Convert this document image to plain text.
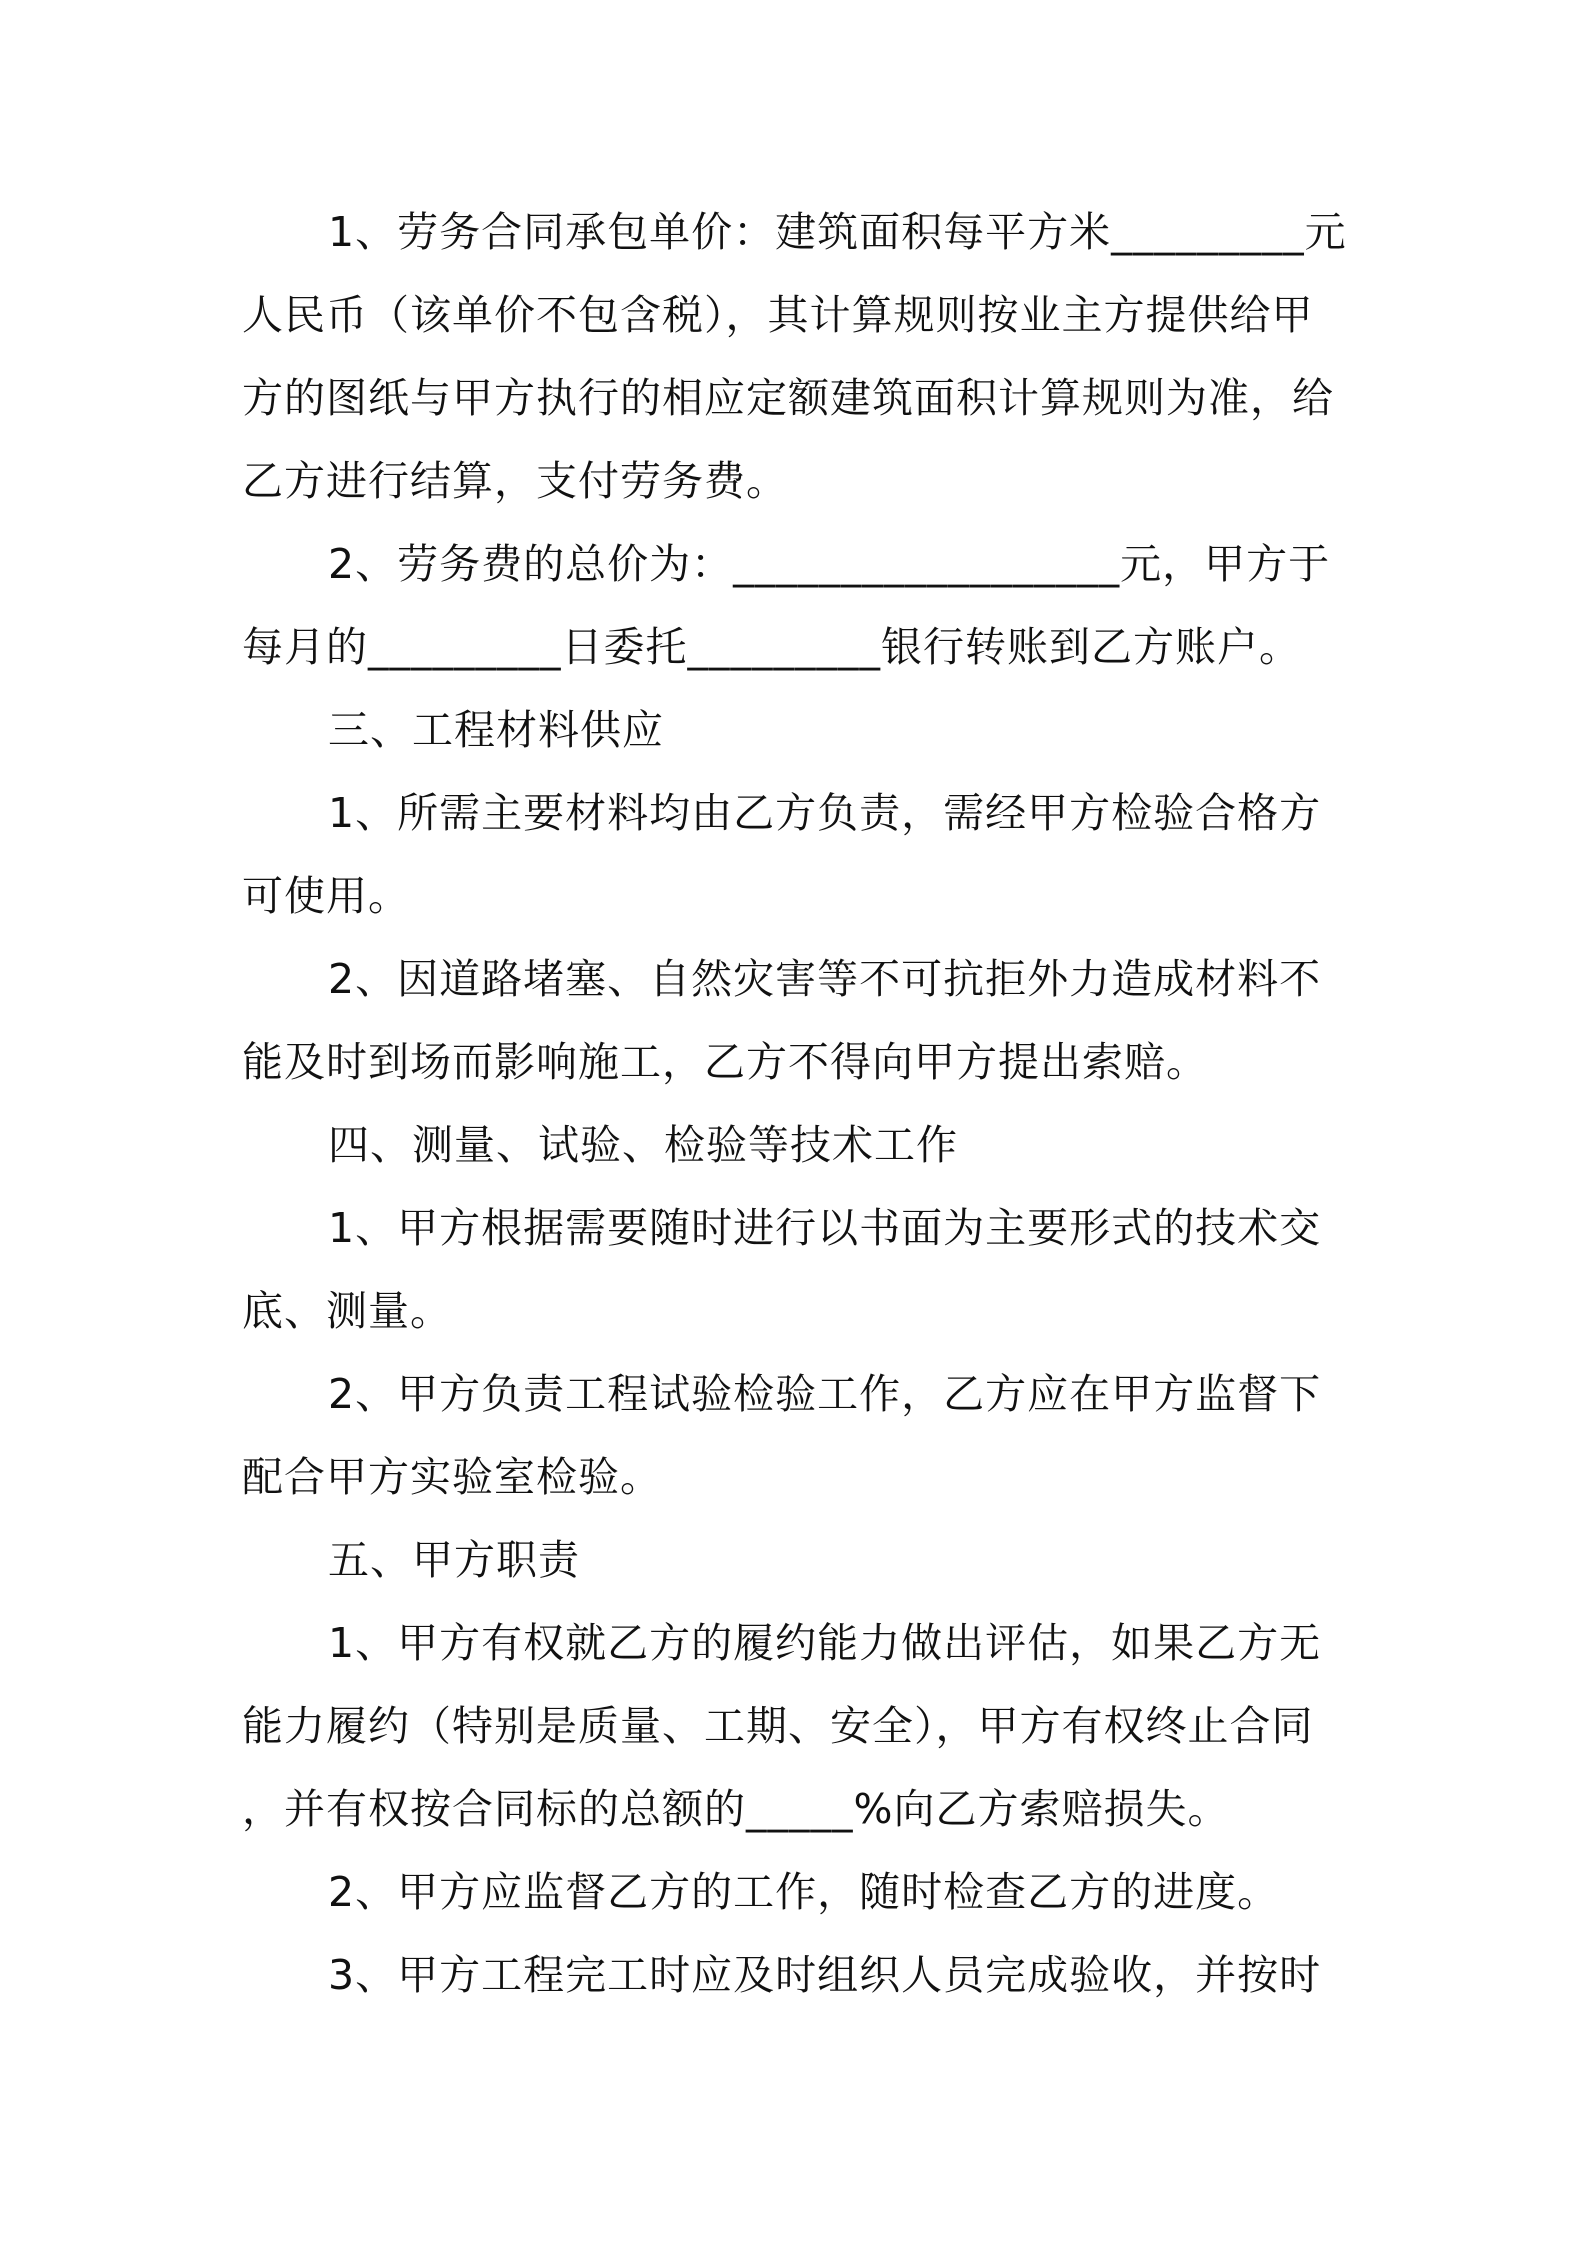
1、劳务合同承包单价：建筑面积每平方米_________元
人民币（该单价不包含税），其计算规则按业主方提供给甲
方的图纸与甲方执行的相应定额建筑面积计算规则为准，给
乙方进行结算，支付劳务费。
2、劳务费的总价为：__________________元，甲方于
每月的_________日委托_________银行转账到乙方账户。
三、工程材料供应
1、所需主要材料均由乙方负责，需经甲方检验合格方
可使用。
2、因道路堵塞、自然灾害等不可抗拒外力造成材料不
能及时到场而影响施工，乙方不得向甲方提出索赔。
四、测量、试验、检验等技术工作
1、甲方根据需要随时进行以书面为主要形式的技术交
底、测量。
2、甲方负责工程试验检验工作，乙方应在甲方监督下
配合甲方实验室检验。
五、甲方职责
1、甲方有权就乙方的履约能力做出评估，如果乙方无
能力履约（特别是质量、工期、安全），甲方有权终止合同
，并有权按合同标的总额的_____%向乙方索赔损失。
2、甲方应监督乙方的工作，随时检查乙方的进度。
3、甲方工程完工时应及时组织人员完成验收，并按时
